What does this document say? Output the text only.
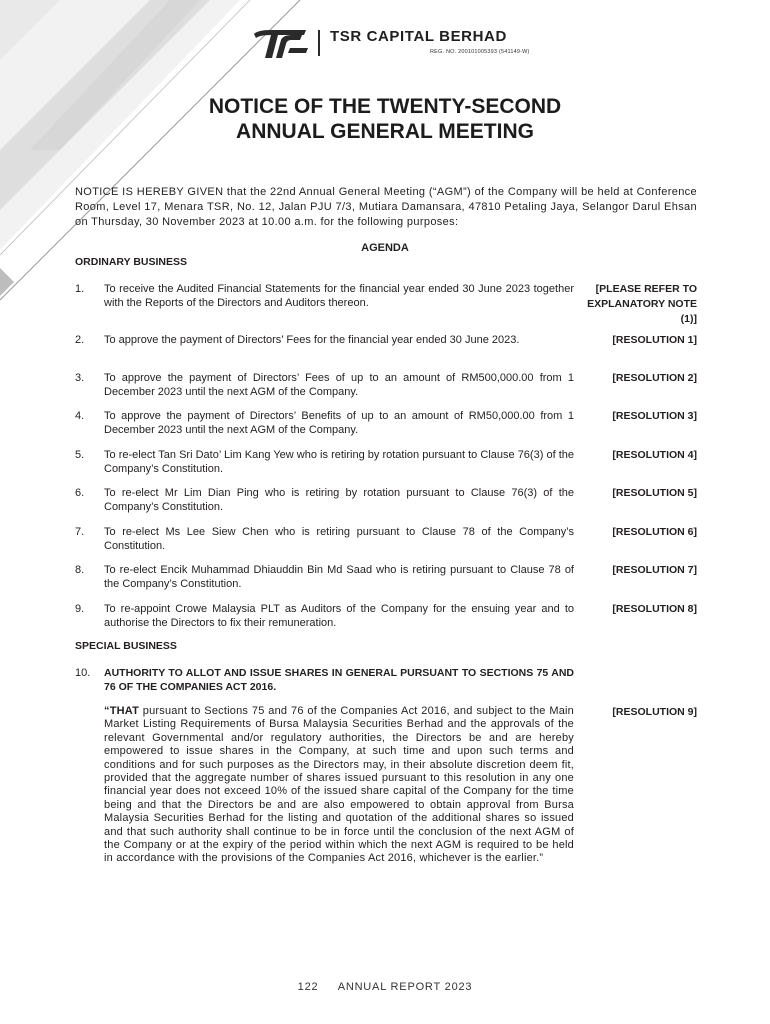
TSR CAPITAL BERHAD
REG. NO. 200101005393 (541149-W)
NOTICE OF THE TWENTY-SECOND
ANNUAL GENERAL MEETING
NOTICE IS HEREBY GIVEN that the 22nd Annual General Meeting (“AGM”) of the Company will be held at Conference Room, Level 17, Menara TSR, No. 12, Jalan PJU 7/3, Mutiara Damansara, 47810 Petaling Jaya, Selangor Darul Ehsan on Thursday, 30 November 2023 at 10.00 a.m. for the following purposes:
AGENDA
ORDINARY BUSINESS
1. To receive the Audited Financial Statements for the financial year ended 30 June 2023 together with the Reports of the Directors and Auditors thereon.
[PLEASE REFER TO EXPLANATORY NOTE (1)]
2. To approve the payment of Directors’ Fees for the financial year ended 30 June 2023.	[RESOLUTION 1]
3. To approve the payment of Directors’ Fees of up to an amount of RM500,000.00 from 1 December 2023 until the next AGM of the Company.
[RESOLUTION 2]
4. To approve the payment of Directors’ Benefits of up to an amount of RM50,000.00 from 1 December 2023 until the next AGM of the Company.
[RESOLUTION 3]
5. To re-elect Tan Sri Dato’ Lim Kang Yew who is retiring by rotation pursuant to Clause 76(3) of the Company’s Constitution.
[RESOLUTION 4]
6. To re-elect Mr Lim Dian Ping who is retiring by rotation pursuant to Clause 76(3) of the Company’s Constitution.
[RESOLUTION 5]
7. To re-elect Ms Lee Siew Chen who is retiring pursuant to Clause 78 of the Company’s Constitution.
[RESOLUTION 6]
8. To re-elect Encik Muhammad Dhiauddin Bin Md Saad who is retiring pursuant to Clause 78 of the Company’s Constitution.
[RESOLUTION 7]
9. To re-appoint Crowe Malaysia PLT as Auditors of the Company for the ensuing year and to authorise the Directors to fix their remuneration.
[RESOLUTION 8]
SPECIAL BUSINESS
10. AUTHORITY TO ALLOT AND ISSUE SHARES IN GENERAL PURSUANT TO SECTIONS 75 AND 76 OF THE COMPANIES ACT 2016.
[RESOLUTION 9]
“THAT pursuant to Sections 75 and 76 of the Companies Act 2016, and subject to the Main Market Listing Requirements of Bursa Malaysia Securities Berhad and the approvals of the relevant Governmental and/or regulatory authorities, the Directors be and are hereby empowered to issue shares in the Company, at such time and upon such terms and conditions and for such purposes as the Directors may, in their absolute discretion deem fit, provided that the aggregate number of shares issued pursuant to this resolution in any one financial year does not exceed 10% of the issued share capital of the Company for the time being and that the Directors be and are also empowered to obtain approval from Bursa Malaysia Securities Berhad for the listing and quotation of the additional shares so issued and that such authority shall continue to be in force until the conclusion of the next AGM of the Company or at the expiry of the period within which the next AGM is required to be held in accordance with the provisions of the Companies Act 2016, whichever is the earlier.”
122 ANNUAL REPORT 2023
